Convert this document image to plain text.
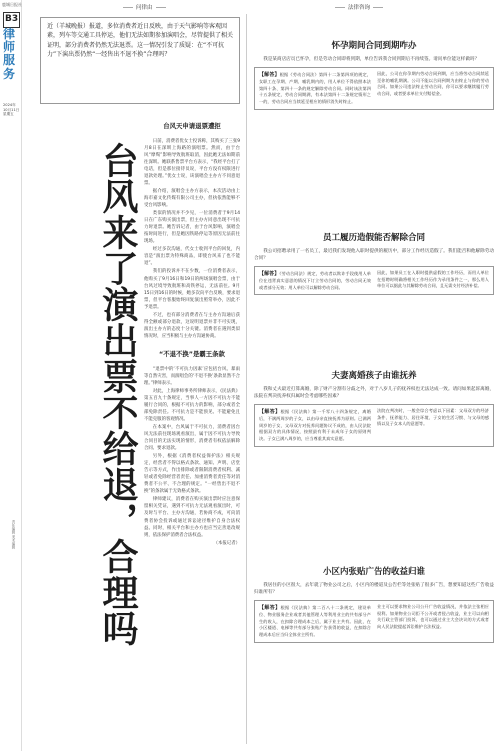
鹿城日报社
B3
律师服务
2024年
10月11日
星期五
责任编辑 美术编辑
问律由
近（羊城晚报）报道，多位消费者近日反映，由于天气影响等客观因素，列车等交通工具停运，他们无法如期参加演唱会，尽管提供了相关证明，部分消费者仍然无法退票。这一情况引发了质疑：在“不可抗力”下演出票仍然“一经售出不退不换”合理吗？
台风来了演出票不给退，合理吗
台风天申请退票遭拒

日前，消费者优女士投诉称，其购买了三张9月8日在深圳上海路的演唱票。然而，由于台风“摩羯”影响导致航班取消，因此她无法如期前往深圳。她联系售票平台方表示，“我经平台打了电话，但是那位接待员说，平台方没有权限进行退款处理。”优女士说，该演唱会主办方不同意退票。

据介绍，演唱会主办方表示，本次活动由上海市嘉文化传媒有限公司主办，但执依然能够不受台风影响。

类似的情况并不少见，一位消费者于9月14日在广东购买演出票，但主办方同意出现不可抗力时退票。她告诉记者，由于台风影响，演唱会按时间进行，但是她因铁路停运等原因无法前往现场。

经过多次沟通，代女士收到平台的回复，内容是“演出票为特殊商品，即使台风来了也不能退”。

我们的投诉并不在少数，一位消费者表示，他购买了9月16日和19日的两场演唱会票，由于台风过境导致航班和高铁停运，无法前往。9月15日到16日的时候，她多次向平台反映，要求退票，但平台客服始终回复演出照常举办，因此不予退票。

不过，也有部分消费者在与主办方沟通后获得全额或部分退款，这说明退票并非不可实现，演出主办方的态度十分关键。消费者在遇到类似情况时，应当积极与主办方沟通协商。

“不退不换”是霸王条款

“退票中的‘不可抗力因素’应包括台风、暴雨等自然灾害，而演唱会的‘不退不换’条款显然不合理。”律师表示。

对此，上海律师事务所律师表示，《民法典》第五百九十条规定，当事人一方因不可抗力不能履行合同的，根据不可抗力的影响，部分或者全部免除责任。不可抗力是不能预见、不能避免且不能克服的客观情况。

在本案中，台风属于不可抗力，消费者因台风无法前往现场观看演出，属于因不可抗力导致合同目的无法实现的情形，消费者有权依法解除合同、要求退款。

另外，根据《消费者权益保护法》相关规定，经营者不得以格式条款、通知、声明、店堂告示等方式，作出排除或者限制消费者权利、减轻或者免除经营者责任、加重消费者责任等对消费者不公平、不合理的规定。“一经售出不退不换”的条款属于无效格式条款。

律师建议，消费者在购买演出票时应注意保留相关凭证，遇到不可抗力无法观看演出时，可及时与平台、主办方沟通，若协商不成，可向消费者协会投诉或通过诉讼途径维护自身合法权益。同时，相关平台和主办方也应当完善退改规则，依法保护消费者合法权益。

（本报记者）

法律咨询
怀孕期间合同到期咋办

我是某商店店员已怀孕，但是劳动合同即将到期，单位告诉我合同到期后不再续签。请问单位能这样做吗？

【解答】根据《劳动合同法》第四十二条第四项的规定，女职工在孕期、产期、哺乳期内的，用人单位不得依照本法第四十条、第四十一条的规定解除劳动合同。同时该法第四十五条规定，劳动合同期满，有本法第四十二条规定情形之一的，劳动合同应当续延至相应的情形消失时终止。
因此，公司在你孕期内劳动合同到期，应当将劳动合同续延至你的哺乳期满。公司不能以合同到期为由终止与你的劳动合同。如果公司违法终止劳动合同，你可以要求继续履行劳动合同，或者要求单位支付赔偿金。
员工履历造假能否解除合同

我公司招聘录用了一名员工，最近我们发现他入职时提供的履历中，部分工作经历造假了。我们能否和他解除劳动合同？

【解答】《劳动合同法》规定，劳动者以欺诈手段使用人单位在违背真实意思的情况下订立劳动合同的，劳动合同无效或者部分无效；用人单位可以解除劳动合同。
因此，如果员工在入职时提供虚假的工作经历，而用人单位在招聘时明确将相关工作经历作为录用条件之一，那么用人单位可以据此与其解除劳动合同，且无需支付经济补偿。
夫妻离婚孩子由谁抚养

我和丈夫最近打算离婚，除了财产分割有分歧之外，对于八岁儿子的抚养权也无法达成一致。请问如果起诉离婚，法院在判决抚养权归属时会考虑哪些因素？

【解答】根据《民法典》第一千零八十四条规定，离婚后，不满两周岁的子女，以由母亲直接抚养为原则。已满两周岁的子女，父母双方对抚养问题协议不成的，由人民法院根据双方的具体情况，按照最有利于未成年子女的原则判决。子女已满八周岁的，应当尊重其真实意愿。
法院在判决时，一般会综合考虑以下因素：父母双方的经济条件、抚养能力、居住环境、子女的生活习惯、与父母的感情以及子女本人的意愿等。
小区内张贴广告的收益归谁

我居住的小区很大，去年就了物业公司之后，小区内的楼道及公告栏等处张贴了很多广告，想要知道这些广告收益归谁所有？

【解答】根据《民法典》第二百八十二条规定，建设单位、物业服务企业或者其他管理人等利用业主的共有部分产生的收入，在扣除合理成本之后，属于业主共有。因此，在小区楼道、电梯等共有部分张贴广告获得的收益，在扣除合理成本后应当归全体业主所有。
业主可以要求物业公司公开广告收益情况，并依法主张相应权利。如果物业公司拒不公开或者侵占收益，业主可以向相关行政主管部门投诉，也可以通过业主大会决议的方式或者向人民法院提起诉讼维护合法权益。
